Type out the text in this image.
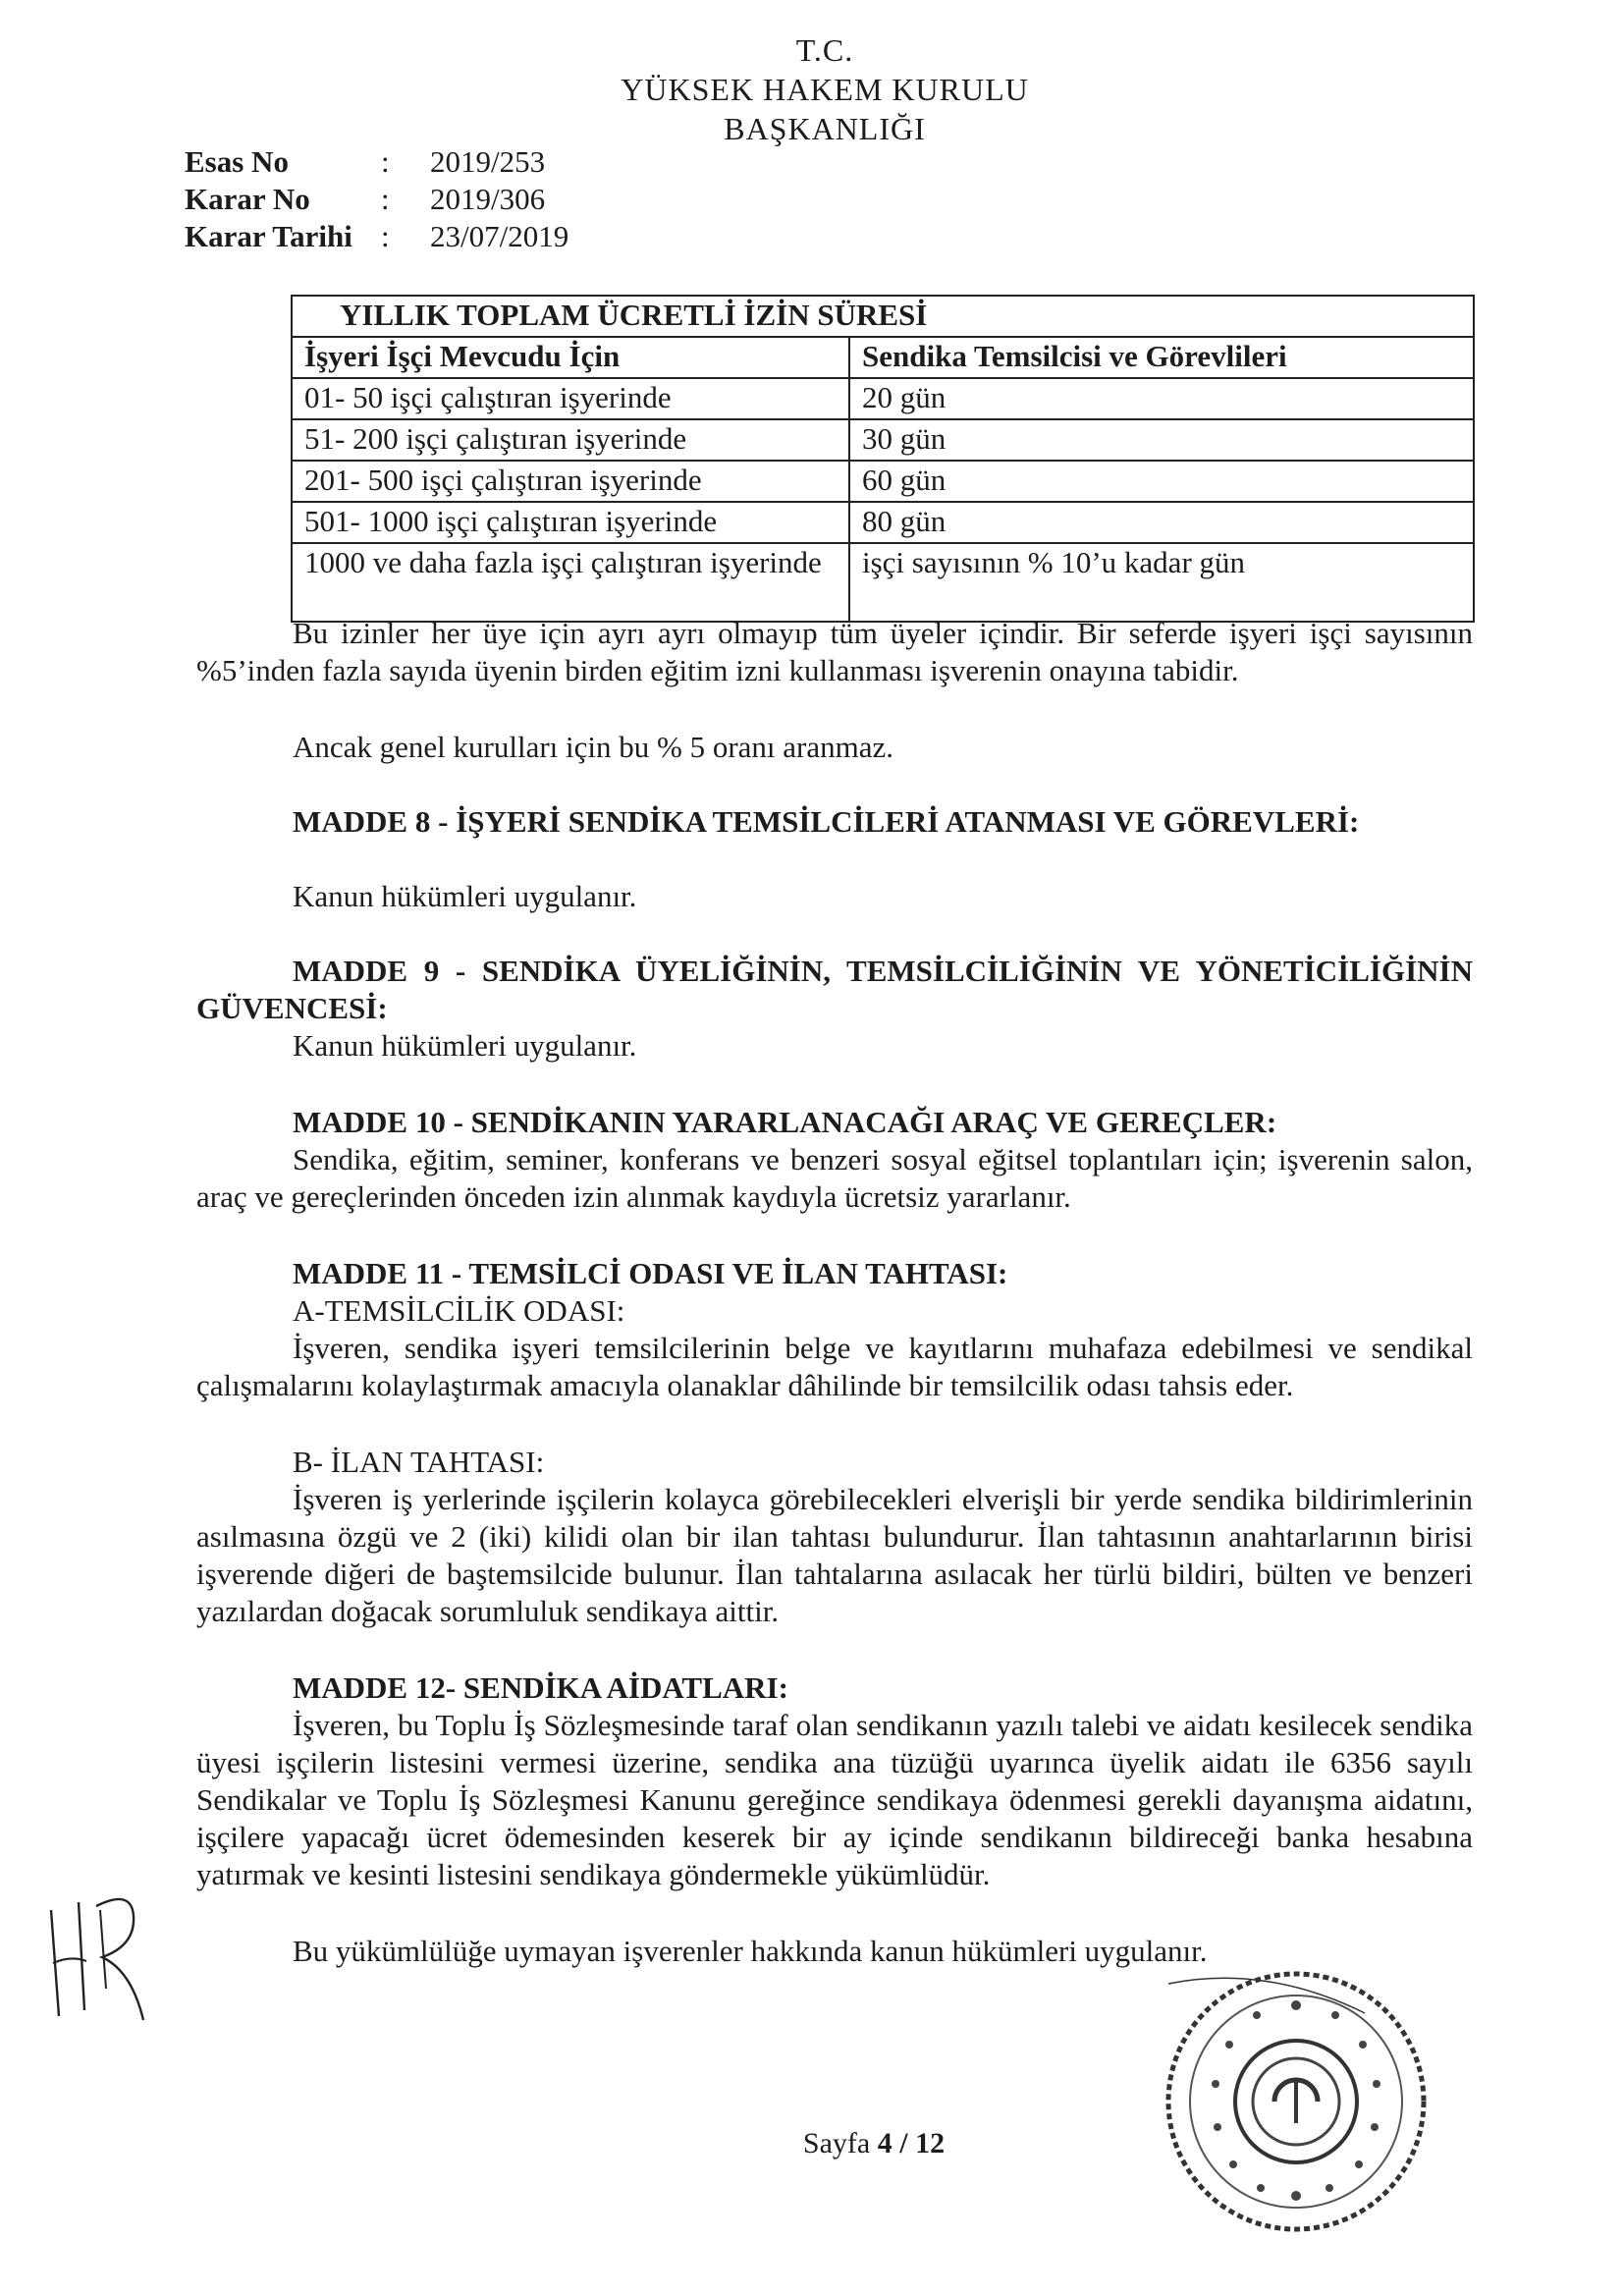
T.C.
YÜKSEK HAKEM KURULU
BAŞKANLIĞI
Esas No	: 2019/253
Karar No : 2019/306
Karar Tarihi : 23/07/2019
YILLIK TOPLAM ÜCRETLİ İZİN SÜRESİ	
İşyeri İşçi Mevcudu İçin	Sendika Temsilcisi ve Görevlileri
01- 50 işçi çalıştıran işyerinde	20 gün
51- 200 işçi çalıştıran işyerinde	30 gün
201- 500 işçi çalıştıran işyerinde	60 gün
501- 1000 işçi çalıştıran işyerinde	80 gün
1000 ve daha fazla işçi çalıştıran işyerinde	işçi sayısının % 10’u kadar gün
Bu izinler her üye için ayrı ayrı olmayıp tüm üyeler içindir. Bir seferde işyeri işçi sayısının %5’inden fazla sayıda üyenin birden eğitim izni kullanması işverenin onayına tabidir.
Ancak genel kurulları için bu % 5 oranı aranmaz.
MADDE 8 - İŞYERİ SENDİKA TEMSİLCİLERİ ATANMASI VE GÖREVLERİ:
Kanun hükümleri uygulanır.
MADDE 9 - SENDİKA ÜYELİĞİNİN, TEMSİLCİLİĞİNİN VE YÖNETİCİLİĞİNİN GÜVENCESİ:
Kanun hükümleri uygulanır.
MADDE 10 - SENDİKANIN YARARLANACAĞI ARAÇ VE GEREÇLER:
Sendika, eğitim, seminer, konferans ve benzeri sosyal eğitsel toplantıları için; işverenin salon, araç ve gereçlerinden önceden izin alınmak kaydıyla ücretsiz yararlanır.
MADDE 11 - TEMSİLCİ ODASI VE İLAN TAHTASI:
A-TEMSİLCİLİK ODASI:
İşveren, sendika işyeri temsilcilerinin belge ve kayıtlarını muhafaza edebilmesi ve sendikal çalışmalarını kolaylaştırmak amacıyla olanaklar dâhilinde bir temsilcilik odası tahsis eder.
B- İLAN TAHTASI:
İşveren iş yerlerinde işçilerin kolayca görebilecekleri elverişli bir yerde sendika bildirimlerinin asılmasına özgü ve 2 (iki) kilidi olan bir ilan tahtası bulundurur. İlan tahtasının anahtarlarının birisi işverende diğeri de baştemsilcide bulunur. İlan tahtalarına asılacak her türlü bildiri, bülten ve benzeri yazılardan doğacak sorumluluk sendikaya aittir.
MADDE 12- SENDİKA AİDATLARI:
İşveren, bu Toplu İş Sözleşmesinde taraf olan sendikanın yazılı talebi ve aidatı kesilecek sendika üyesi işçilerin listesini vermesi üzerine, sendika ana tüzüğü uyarınca üyelik aidatı ile 6356 sayılı Sendikalar ve Toplu İş Sözleşmesi Kanunu gereğince sendikaya ödenmesi gerekli dayanışma aidatını, işçilere yapacağı ücret ödemesinden keserek bir ay içinde sendikanın bildireceği banka hesabına yatırmak ve kesinti listesini sendikaya göndermekle yükümlüdür.
Bu yükümlülüğe uymayan işverenler hakkında kanun hükümleri uygulanır.
Sayfa 4 / 12
